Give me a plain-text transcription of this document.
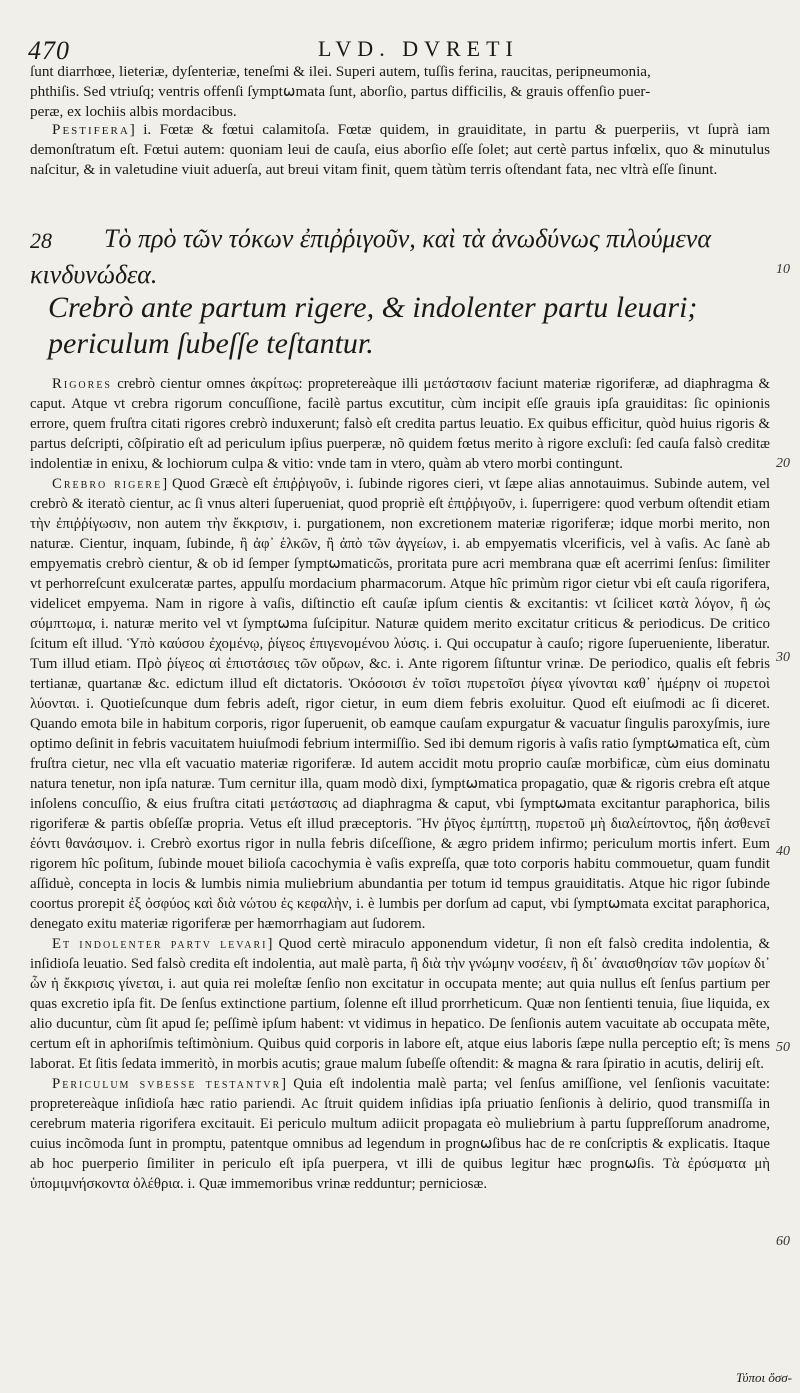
470	LVD. DVRETI
ſunt diarrhœe, lieteriæ, dyſenteriæ, teneſmi & ilei. Superi autem, tuſſis ferina, raucitas, peripneumonia,
phthiſis. Sed vtriuſq; ventris offenſi ſympt⍵mata ſunt, aborſio, partus difficilis, & grauis offenſio puer-
peræ, ex lochiis albis mordacibus.
Pestifera] i. Fœtæ & fœtui calamitoſa. Fœtæ quidem, in grauiditate, in partu & puerperiis, vt ſuprà iam demonſtratum eſt. Fœtui autem: quoniam leui de cauſa, eius aborſio eſſe ſolet; aut certè partus infœlix, quo & minutulus naſcitur, & in valetudine viuit aduerſa, aut breui vitam finit, quem tàtùm terris oſtendant fata, nec vltrà eſſe ſinunt.
28 Τὸ πρὸ τῶν τόκων ἐπιῤῥιγοῦν, καὶ τὰ ἀνωδύνως πιλούμενα
κινδυνώδεα.
Crebrò ante partum rigere, & indolenter partu leuari; periculum ſubeſſe teſtantur.

Rigores crebrò cientur omnes ἀκρίτως: propretereàque illi μετάστασιν faciunt materiæ rigoriferæ, ad diaphragma & caput. Atque vt crebra rigorum concuſſione, facilè partus excutitur, cùm incipit eſſe grauis ipſa grauiditas: ſic opinionis errore, quem fruſtra citati rigores crebrò induxerunt; falsò eſt credita partus leuatio. Ex quibus efficitur, quòd huius rigoris & partus deſcripti, cõſpiratio eſt ad periculum ipſius puerperæ, nõ quidem fœtus merito à rigore excluſi: ſed cauſa falsò creditæ indolentiæ in enixu, & lochiorum culpa & vitio: vnde tam in vtero, quàm ab vtero morbi contingunt.

Crebro rigere] Quod Græcè eſt ἐπιῤῥιγοῦν, i. ſubinde rigores cieri, vt ſæpe alias annotauimus. Subinde autem, vel crebrò & iteratò cientur, ac ſi vnus alteri ſuperueniat, quod propriè eſt ἐπιῤῥιγοῦν, i. ſuperrigere: quod verbum oſtendit etiam τὴν ἐπιῤῥίγωσιν, non autem τὴν ἔκκρισιν, i. purgationem, non excretionem materiæ rigoriferæ; idque morbi merito, non naturæ. Cientur, inquam, ſubinde, ἢ ἀφ᾽ ἑλκῶν, ἢ ἀπὸ τῶν ἀγγείων, i. ab empyematis vlcerificis, vel à vaſis. Ac ſanè ab empyematis crebrò cientur, & ob id ſemper ſympt⍵maticῶs, proritata pure acri membrana quæ eſt acerrimi ſenſus: ſimiliter vt perhorreſcunt exulceratæ partes, appulſu mordacium pharmacorum. Atque hîc primùm rigor cietur vbi eſt cauſa rigorifera, videlicet empyema. Nam in rigore à vaſis, diſtinctio eſt cauſæ ipſum cientis & excitantis: vt ſcilicet κατὰ λόγον, ἢ ὡς σύμπτωμα, i. naturæ merito vel vt ſympt⍵ma ſuſcipitur. Naturæ quidem merito excitatur criticus & periodicus. De critico ſcitum eſt illud. Ὑπὸ καύσου ἐχομένῳ, ῥίγεος ἐπιγενομένου λύσις. i. Qui occupatur à cauſo; rigore ſuperueniente, liberatur. Tum illud etiam. Πρὸ ῥίγεος αἱ ἐπιστάσιες τῶν οὔρων, &c. i. Ante rigorem ſiſtuntur vrinæ. De periodico, qualis eſt febris tertianæ, quartanæ &c. edictum illud eſt dictatoris. Ὁκόσοισι ἐν τοῖσι πυρετοῖσι ῥίγεα γίνονται καθ᾽ ἡμέρην οἱ πυρετοὶ λύονται. i. Quotieſcunque dum febris adeſt, rigor cietur, in eum diem febris exoluitur. Quod eſt eiuſmodi ac ſi diceret. Quando emota bile in habitum corporis, rigor ſuperuenit, ob eamque cauſam expurgatur & vacuatur ſingulis paroxyſmis, iure optimo deſinit in febris vacuitatem huiuſmodi febrium intermiſſio. Sed ibi demum rigoris à vaſis ratio ſympt⍵matica eſt, cùm fruſtra cietur, nec vlla eſt vacuatio materiæ rigoriferæ. Id autem accidit motu proprio cauſæ morbificæ, cùm eius dominatu natura tenetur, non ipſa naturæ. Tum cernitur illa, quam modò dixi, ſympt⍵matica propagatio, quæ & rigoris crebra eſt atque inſolens concuſſio, & eius fruſtra citati μετάστασις ad diaphragma & caput, vbi ſympt⍵mata excitantur paraphorica, bilis rigoriferæ & partis obſeſſæ propria. Vetus eſt illud præceptoris. Ἢν ῥῖγος ἐμπίπτῃ, πυρετοῦ μὴ διαλείποντος, ἤδη ἀσθενεῖ ἐόντι θανάσιμον. i. Crebrò exortus rigor in nulla febris diſceſſione, & ægro pridem infirmo; periculum mortis infert. Eum rigorem hîc poſitum, ſubinde mouet bilioſa cacochymia è vaſis expreſſa, quæ toto corporis habitu commouetur, quam fundit aſſiduè, concepta in locis & lumbis nimia muliebrium abundantia per totum id tempus grauiditatis. Atque hic rigor ſubinde coortus prorepit ἐξ ὀσφύος καὶ διὰ νώτου ἐς κεφαλὴν, i. è lumbis per dorſum ad caput, vbi ſympt⍵mata excitat paraphorica, denegato exitu materiæ rigoriferæ per hæmorrhagiam aut ſudorem.

Et indolenter partv levari] Quod certè miraculo apponendum videtur, ſi non eſt falsò credita indolentia, & inſidioſa leuatio. Sed falsò credita eſt indolentia, aut malè parta, ἢ διὰ τὴν γνώμην νοσέειν, ἢ δι᾽ ἀναισθησίαν τῶν μορίων δι᾽ ὧν ἡ ἔκκρισις γίνεται, i. aut quia rei moleſtæ ſenſio non excitatur in occupata mente; aut quia nullus eſt ſenſus partium per quas excretio ipſa fit. De ſenſus extinctione partium, ſolenne eſt illud prorrheticum. Quæ non ſentienti tenuia, ſiue liquida, ex alio ducuntur, cùm ſit apud ſe; peſſimè ipſum habent: vt vidimus in hepatico. De ſenſionis autem vacuitate ab occupata mẽte, certum eſt in aphoriſmis teſtimònium. Quibus quid corporis in labore eſt, atque eius laboris ſæpe nulla perceptio eſt; ĩs mens laborat. Et ſitis ſedata immeritò, in morbis acutis; graue malum ſubeſſe oſtendit: & magna & rara ſpiratio in acutis, delirij eſt.

Periculum svbesse testantvr] Quia eſt indolentia malè parta; vel ſenſus amiſſione, vel ſenſionis vacuitate: propretereàque inſidioſa hæc ratio pariendi. Ac ſtruit quidem inſidias ipſa priuatio ſenſionis à delirio, quod transmiſſa in cerebrum materia rigorifera excitauit. Ei periculo multum adiicit propagata eò muliebrium à partu ſuppreſſorum anadrome, cuius incõmoda ſunt in promptu, patentque omnibus ad legendum in progn⍵ſibus hac de re conſcriptis & explicatis. Itaque ab hoc puerperio ſimiliter in periculo eſt ipſa puerpera, vt illi de quibus legitur hæc progn⍵ſis. Τὰ ἐρύσματα μὴ ὑπομιμνήσκοντα ὀλέθρια. i. Quæ immemoribus vrinæ redduntur; perniciosæ.

10
20
30
40
50
60
Τύποι ὅσσ-
